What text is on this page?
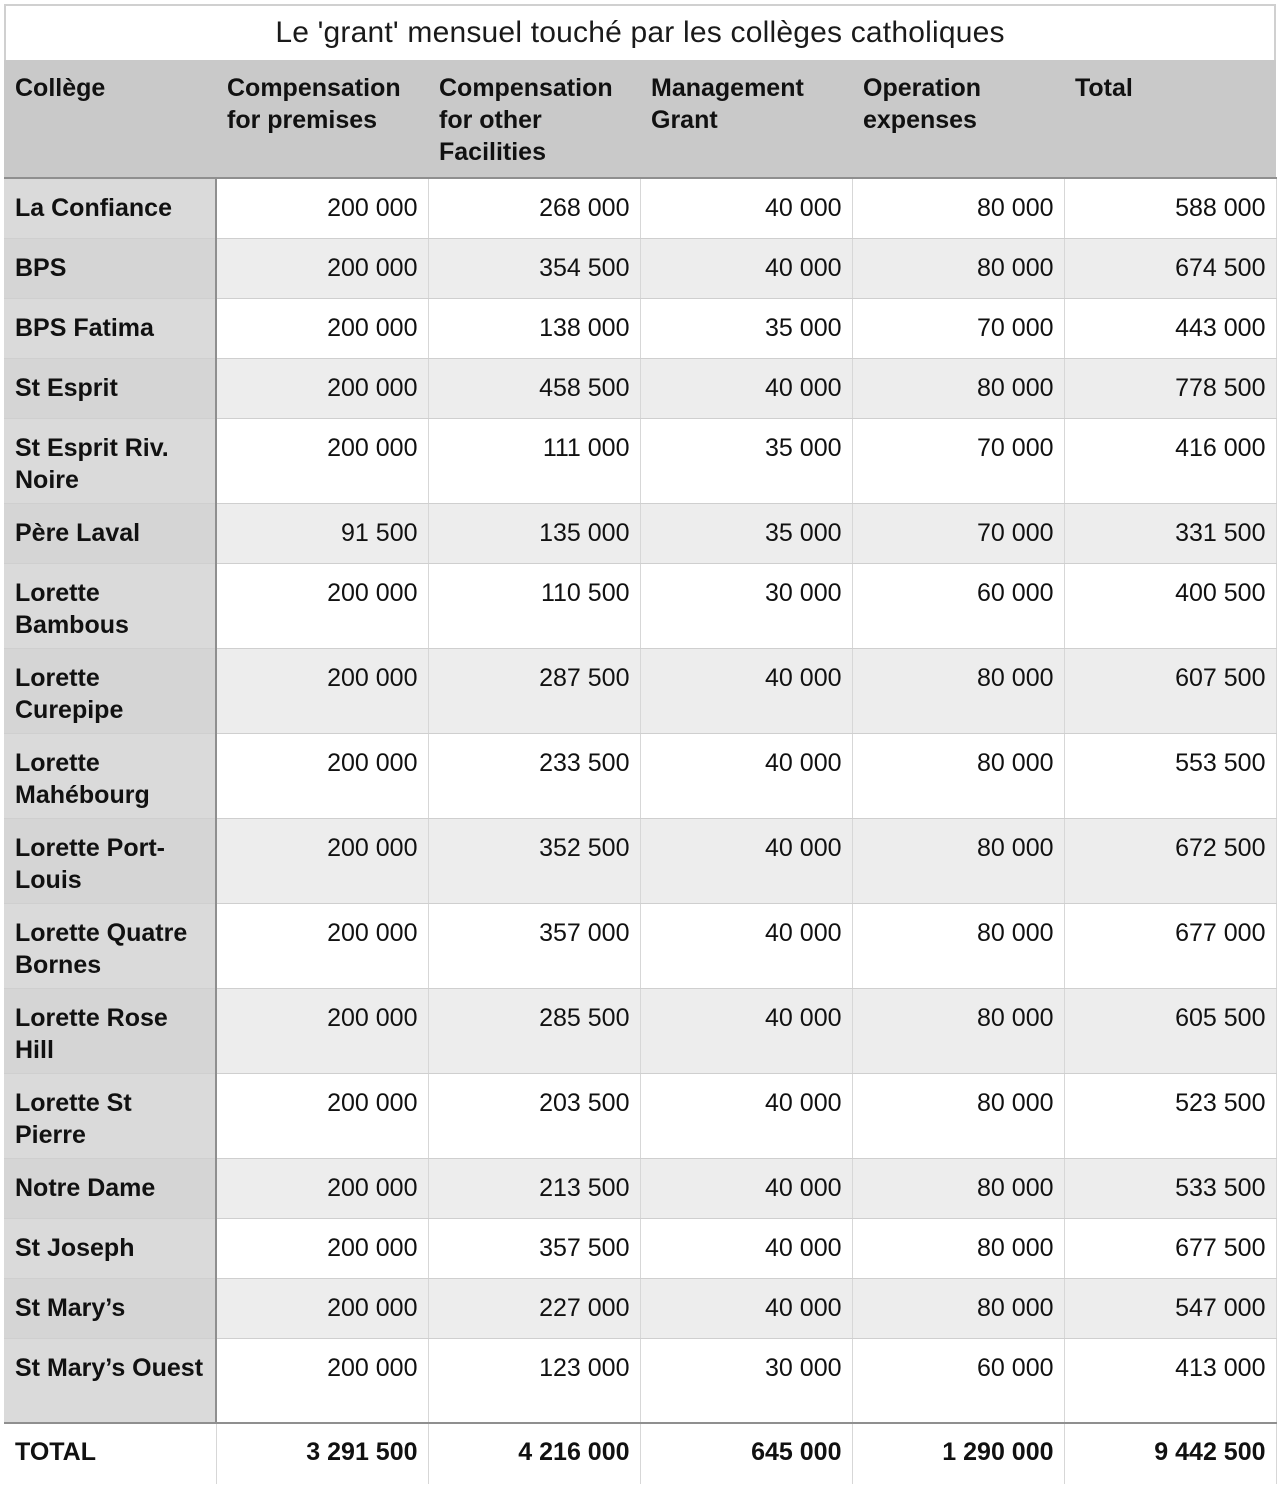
Le 'grant' mensuel touché par les collèges catholiques
Collège	Compensation for premises	Compensation for other Facilities	Management Grant	Operation expenses	Total
La Confiance	200 000	268 000	40 000	80 000	588 000
BPS	200 000	354 500	40 000	80 000	674 500
BPS Fatima	200 000	138 000	35 000	70 000	443 000
St Esprit	200 000	458 500	40 000	80 000	778 500
St Esprit Riv. Noire	200 000	111 000	35 000	70 000	416 000
Père Laval	91 500	135 000	35 000	70 000	331 500
Lorette Bambous	200 000	110 500	30 000	60 000	400 500
Lorette Curepipe	200 000	287 500	40 000	80 000	607 500
Lorette Mahébourg	200 000	233 500	40 000	80 000	553 500
Lorette Port-Louis	200 000	352 500	40 000	80 000	672 500
Lorette Quatre Bornes	200 000	357 000	40 000	80 000	677 000
Lorette Rose Hill	200 000	285 500	40 000	80 000	605 500
Lorette St Pierre	200 000	203 500	40 000	80 000	523 500
Notre Dame	200 000	213 500	40 000	80 000	533 500
St Joseph	200 000	357 500	40 000	80 000	677 500
St Mary’s	200 000	227 000	40 000	80 000	547 000
St Mary’s Ouest	200 000	123 000	30 000	60 000	413 000
TOTAL	3 291 500	4 216 000	645 000	1 290 000	9 442 500
